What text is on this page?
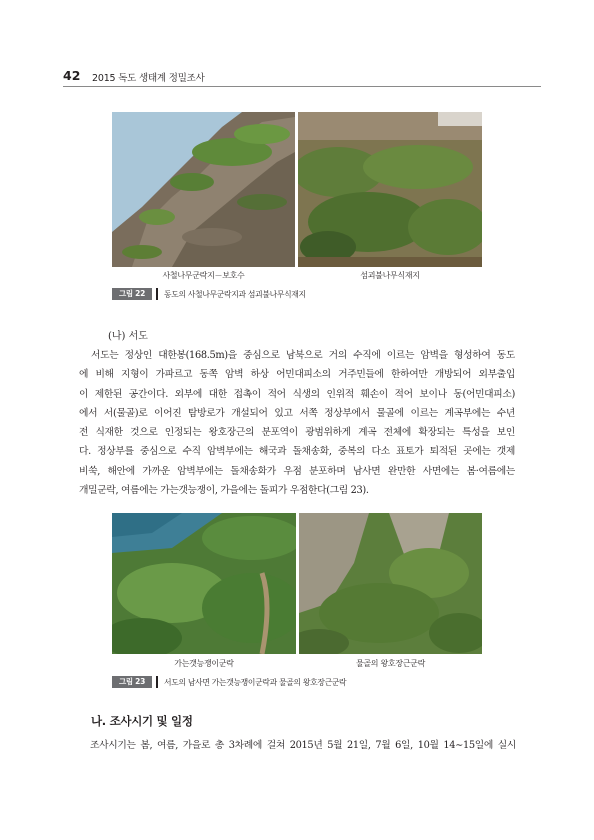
42 2015 독도 생태계 정밀조사
사철나무군락지－보호수	섬괴불나무식재지
그림 22	동도의 사철나무군락지과 섬괴불나무식재지
(나) 서도
서도는 정상인 대한봉(168.5m)을 중심으로 남북으로 거의 수직에 이르는 암벽을 형성하여 동도
에 비해 지형이 가파르고 동쪽 암벽 하상 어민대피소의 거주민들에 한하여만 개방되어 외부출입
이 제한된 공간이다. 외부에 대한 접촉이 적어 식생의 인위적 훼손이 적어 보이나 동(어민대피소)
에서 서(물골)로 이어진 탐방로가 개설되어 있고 서쪽 정상부에서 물골에 이르는 계곡부에는 수년
전 식재한 것으로 인정되는 왕호장근의 분포역이 광범위하게 계곡 전체에 확장되는 특성을 보인
다. 정상부를 중심으로 수직 암벽부에는 해국과 돌채송화, 중복의 다소 표토가 퇴적된 곳에는 갯제
비쑥, 해안에 가까운 암벽부에는 돌채송화가 우점 분포하며 남사면 완만한 사면에는 봄·여름에는
개밀군락, 여름에는 가는갯능쟁이, 가을에는 돌피가 우점한다(그림 23).
가는갯능쟁이군락	물골의 왕호장근군락
그림 23	서도의 남사면 가는갯능쟁이군락과 물골의 왕호장근군락
나. 조사시기 및 일정
조사시기는 봄, 여름, 가을로 총 3차례에 걸쳐 2015년 5월 21일, 7월 6일, 10월 14∼15일에 실시
